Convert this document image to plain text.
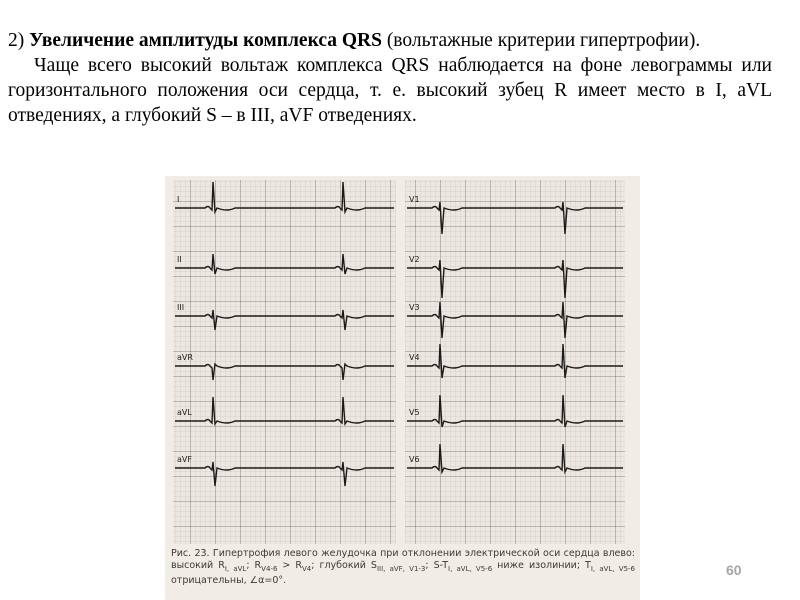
2) Увеличение амплитуды комплекса QRS (вольтажные критерии гипертрофии).

Чаще всего высокий вольтаж комплекса QRS наблюдается на фоне левограммы или горизонтального положения оси сердца, т. е. высокий зубец R имеет место в I, aVL отведениях, а глубокий S – в III, aVF отведениях.

I
II
III
aVR
aVL
aVF
V1
V2
V3
V4
V5
V6
Рис. 23. Гипертрофия левого желудочка при отклонении электрической оси сердца влево: высокий $R_{I, aVL}$; $R_{V4-6} > R_{V4}$; глубокий $S_{III, aVF, V1-3}$; $S-T_{I, aVL, V5-6}$ ниже изолинии; $T_{I, aVL, V5-6}$ отрицательны, ∠α=0°.
60
